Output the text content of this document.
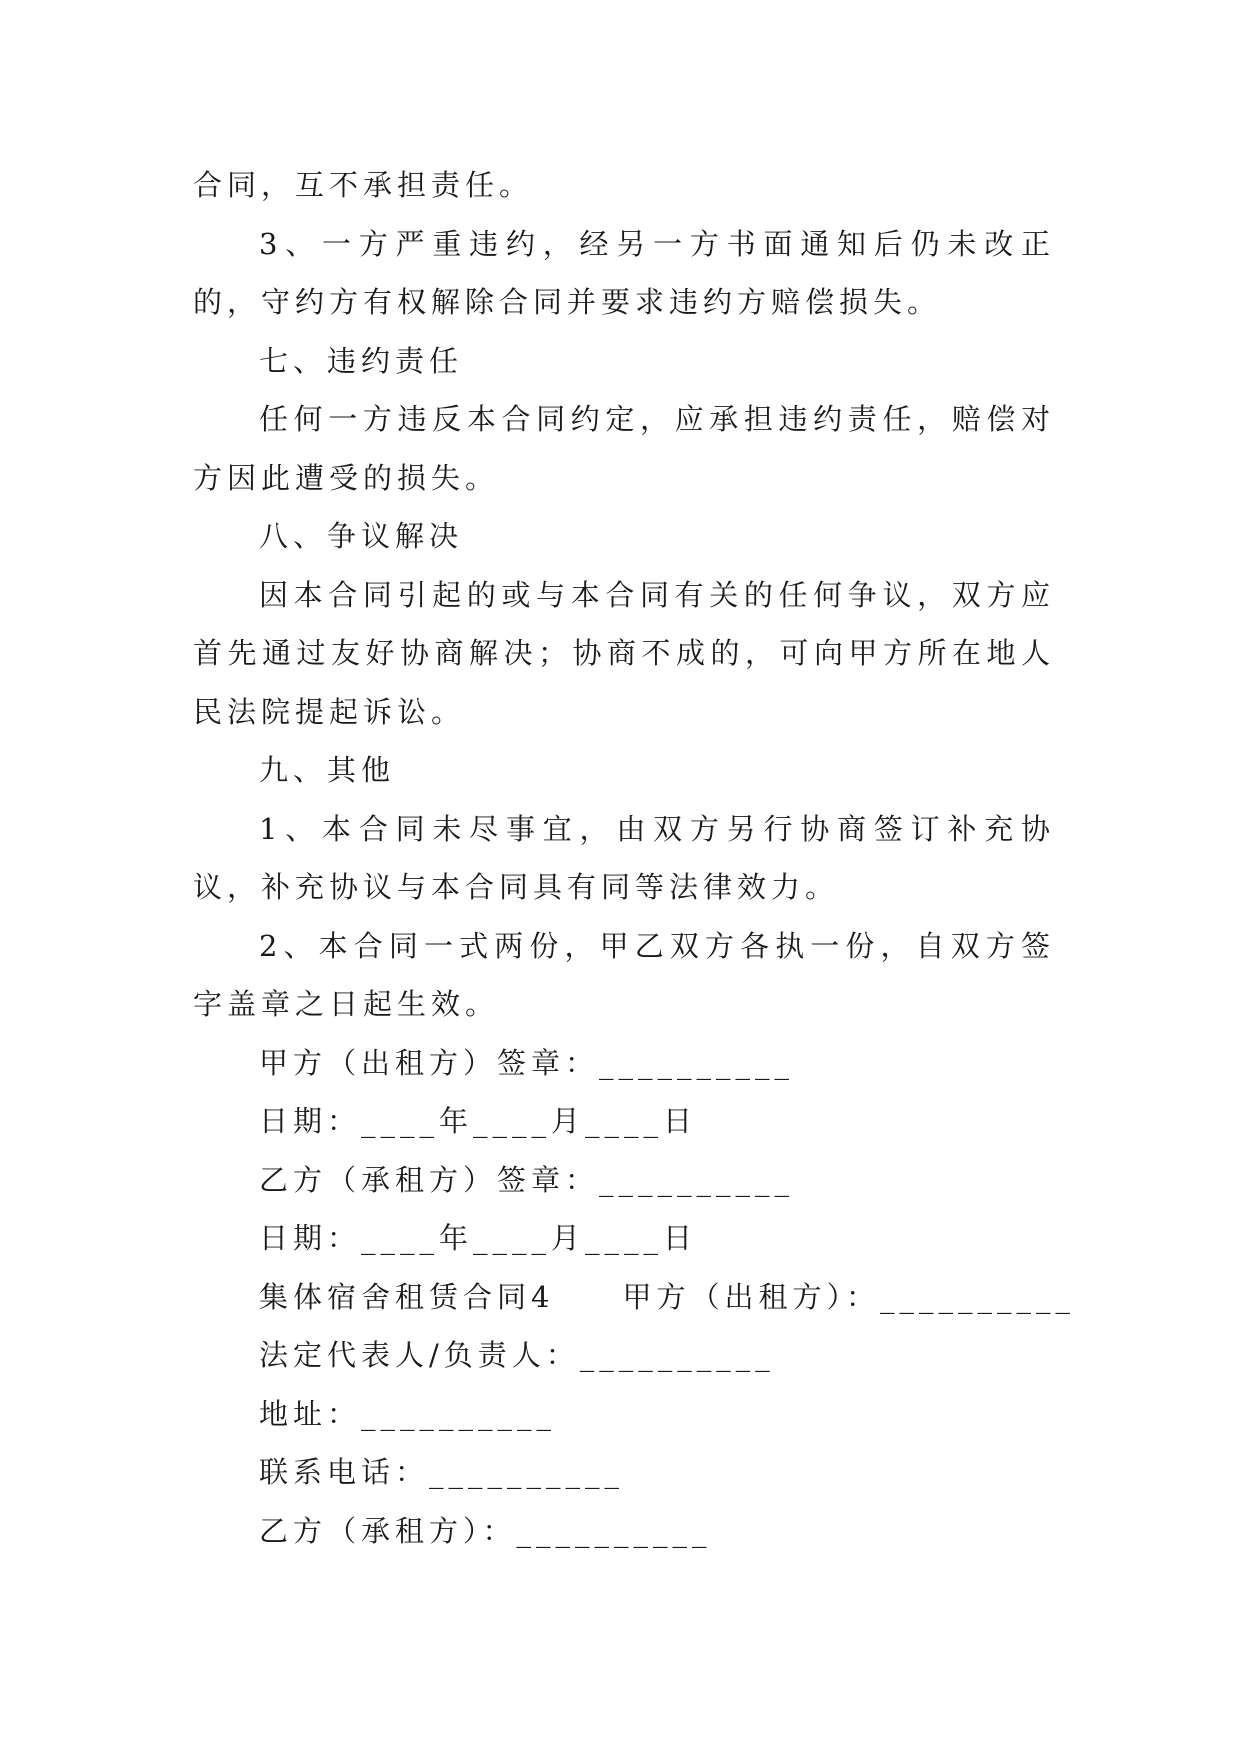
合同，互不承担责任。

3、一方严重违约，经另一方书面通知后仍未改正的，守约方有权解除合同并要求违约方赔偿损失。

七、违约责任

任何一方违反本合同约定，应承担违约责任，赔偿对方因此遭受的损失。

八、争议解决

因本合同引起的或与本合同有关的任何争议，双方应首先通过友好协商解决；协商不成的，可向甲方所在地人民法院提起诉讼。

九、其他

1、本合同未尽事宜，由双方另行协商签订补充协议，补充协议与本合同具有同等法律效力。

2、本合同一式两份，甲乙双方各执一份，自双方签字盖章之日起生效。

甲方（出租方）签章：__________

日期：____年____月____日

乙方（承租方）签章：__________

日期：____年____月____日

集体宿舍租赁合同4　　甲方（出租方）：__________

法定代表人/负责人：__________

地址：__________

联系电话：__________

乙方（承租方）：__________
